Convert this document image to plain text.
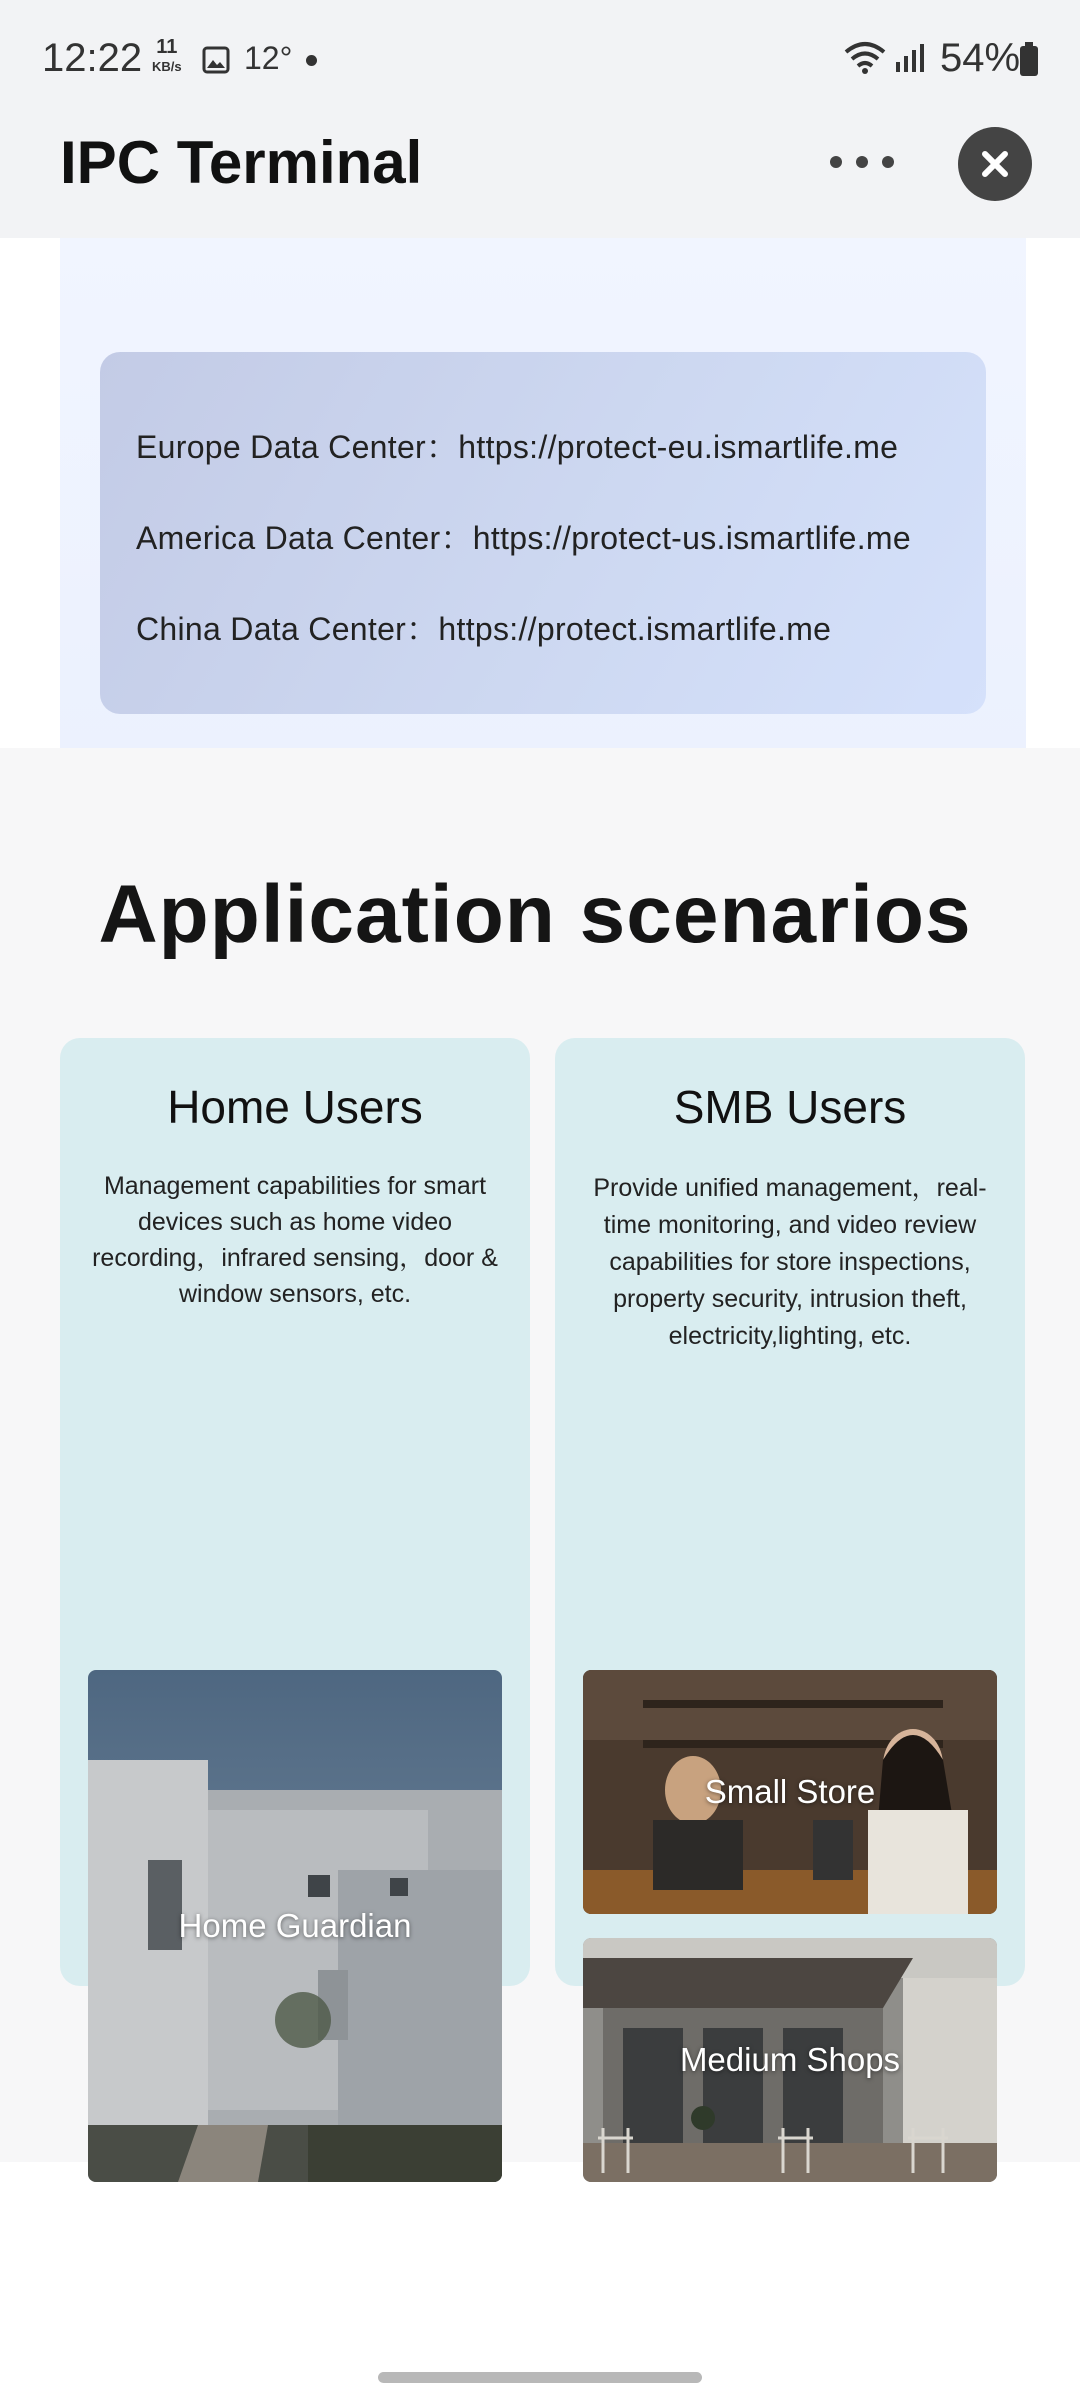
12:22 11
KB/s 12°	54%
IPC Terminal
Europe Data Center：https://protect-eu.ismartlife.me
America Data Center：https://protect-us.ismartlife.me
China Data Center：https://protect.ismartlife.me
Application scenarios
Home Users
Management capabilities for smart devices such as home video recording，infrared sensing，door & window sensors, etc.
Home Guardian
SMB Users
Provide unified management，real-time monitoring, and video review capabilities for store inspections, property security, intrusion theft, electricity,lighting, etc.
Small Store
Medium Shops
